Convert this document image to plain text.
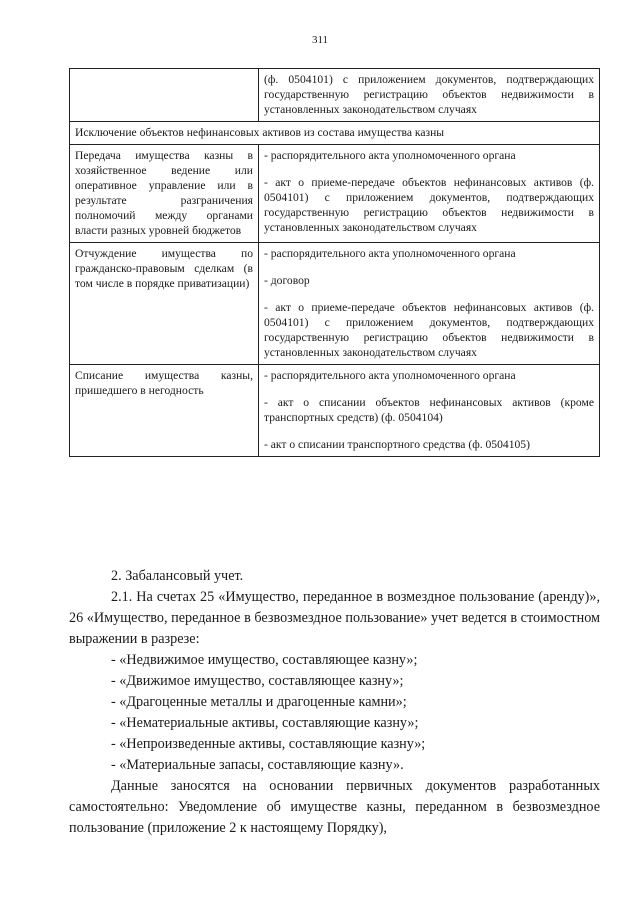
311

	(ф. 0504101) с приложением документов, подтверждающих государственную регистрацию объектов недвижимости в установленных законодательством случаях

Исключение объектов нефинансовых активов из состава имущества казны	

Передача имущества казны в хозяйственное ведение или оперативное управление или в результате разграничения полномочий между органами власти разных уровней бюджетов	- распорядительного акта уполномоченного органа

- акт о приеме-передаче объектов нефинансовых активов (ф. 0504101) с приложением документов, подтверждающих государственную регистрацию объектов недвижимости в установленных законодательством случаях

Отчуждение имущества по гражданско-правовым сделкам (в том числе в порядке приватизации)	- распорядительного акта уполномоченного органа

- договор

- акт о приеме-передаче объектов нефинансовых активов (ф. 0504101) с приложением документов, подтверждающих государственную регистрацию объектов недвижимости в установленных законодательством случаях

Списание имущества казны, пришедшего в негодность	- распорядительного акта уполномоченного органа

- акт о списании объектов нефинансовых активов (кроме транспортных средств) (ф. 0504104)

- акт о списании транспортного средства (ф. 0504105)

2. Забалансовый учет.

2.1. На счетах 25 «Имущество, переданное в возмездное пользование (аренду)», 26 «Имущество, переданное в безвозмездное пользование» учет ведется в стоимостном выражении в разрезе:

- «Недвижимое имущество, составляющее казну»;

- «Движимое имущество, составляющее казну»;

- «Драгоценные металлы и драгоценные камни»;

- «Нематериальные активы, составляющие казну»;

- «Непроизведенные активы, составляющие казну»;

- «Материальные запасы, составляющие казну».

Данные заносятся на основании первичных документов разработанных самостоятельно: Уведомление об имуществе казны, переданном в безвозмездное пользование (приложение 2 к настоящему Порядку),
